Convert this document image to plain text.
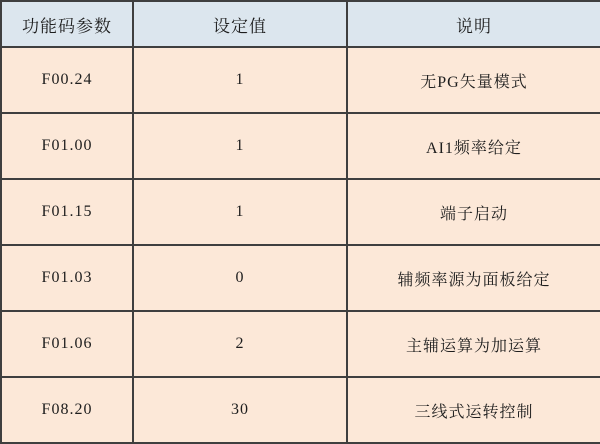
功能码参数	设定值	说明
F00.24	1	无PG矢量模式
F01.00	1	AI1频率给定
F01.15	1	端子启动
F01.03	0	辅频率源为面板给定
F01.06	2	主辅运算为加运算
F08.20	30	三线式运转控制
